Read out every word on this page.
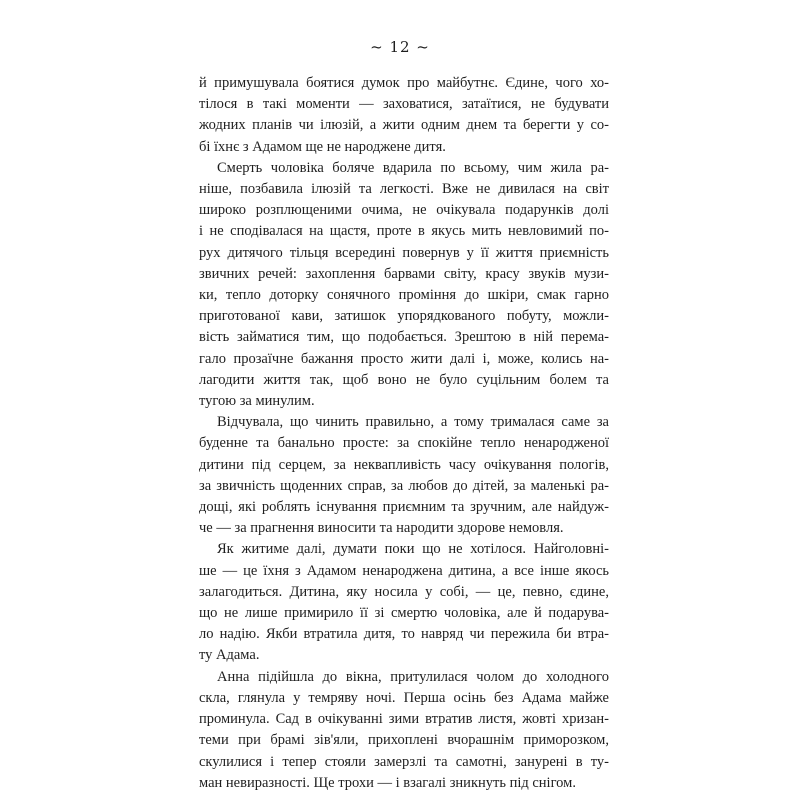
~ 12 ~
й примушувала боятися думок про майбутнє. Єдине, чого хо-
тілося в такі моменти — заховатися, затаїтися, не будувати
жодних планів чи ілюзій, а жити одним днем та берегти у со-
бі їхнє з Адамом ще не народжене дитя.
Смерть чоловіка боляче вдарила по всьому, чим жила ра-
ніше, позбавила ілюзій та легкості. Вже не дивилася на світ
широко розплющеними очима, не очікувала подарунків долі
і не сподівалася на щастя, проте в якусь мить невловимий по-
рух дитячого тільця всередині повернув у її життя приємність
звичних речей: захоплення барвами світу, красу звуків музи-
ки, тепло доторку сонячного проміння до шкіри, смак гарно
приготованої кави, затишок упорядкованого побуту, можли-
вість займатися тим, що подобається. Зрештою в ній перема-
гало прозаїчне бажання просто жити далі і, може, колись на-
лагодити життя так, щоб воно не було суцільним болем та
тугою за минулим.
Відчувала, що чинить правильно, а тому трималася саме за
буденне та банально просте: за спокійне тепло ненародженої
дитини під серцем, за неквапливість часу очікування пологів,
за звичність щоденних справ, за любов до дітей, за маленькі ра-
дощі, які роблять існування приємним та зручним, але найдуж-
че — за прагнення виносити та народити здорове немовля.
Як житиме далі, думати поки що не хотілося. Найголовні-
ше — це їхня з Адамом ненароджена дитина, а все інше якось
залагодиться. Дитина, яку носила у собі, — це, певно, єдине,
що не лише примирило її зі смертю чоловіка, але й подарува-
ло надію. Якби втратила дитя, то навряд чи пережила би втра-
ту Адама.
Анна підійшла до вікна, притулилася чолом до холодного
скла, глянула у темряву ночі. Перша осінь без Адама майже
проминула. Сад в очікуванні зими втратив листя, жовті хризан-
теми при брамі зів'яли, прихоплені вчорашнім приморозком,
скулилися і тепер стояли замерзлі та самотні, занурені в ту-
ман невиразності. Ще трохи — і взагалі зникнуть під снігом.
